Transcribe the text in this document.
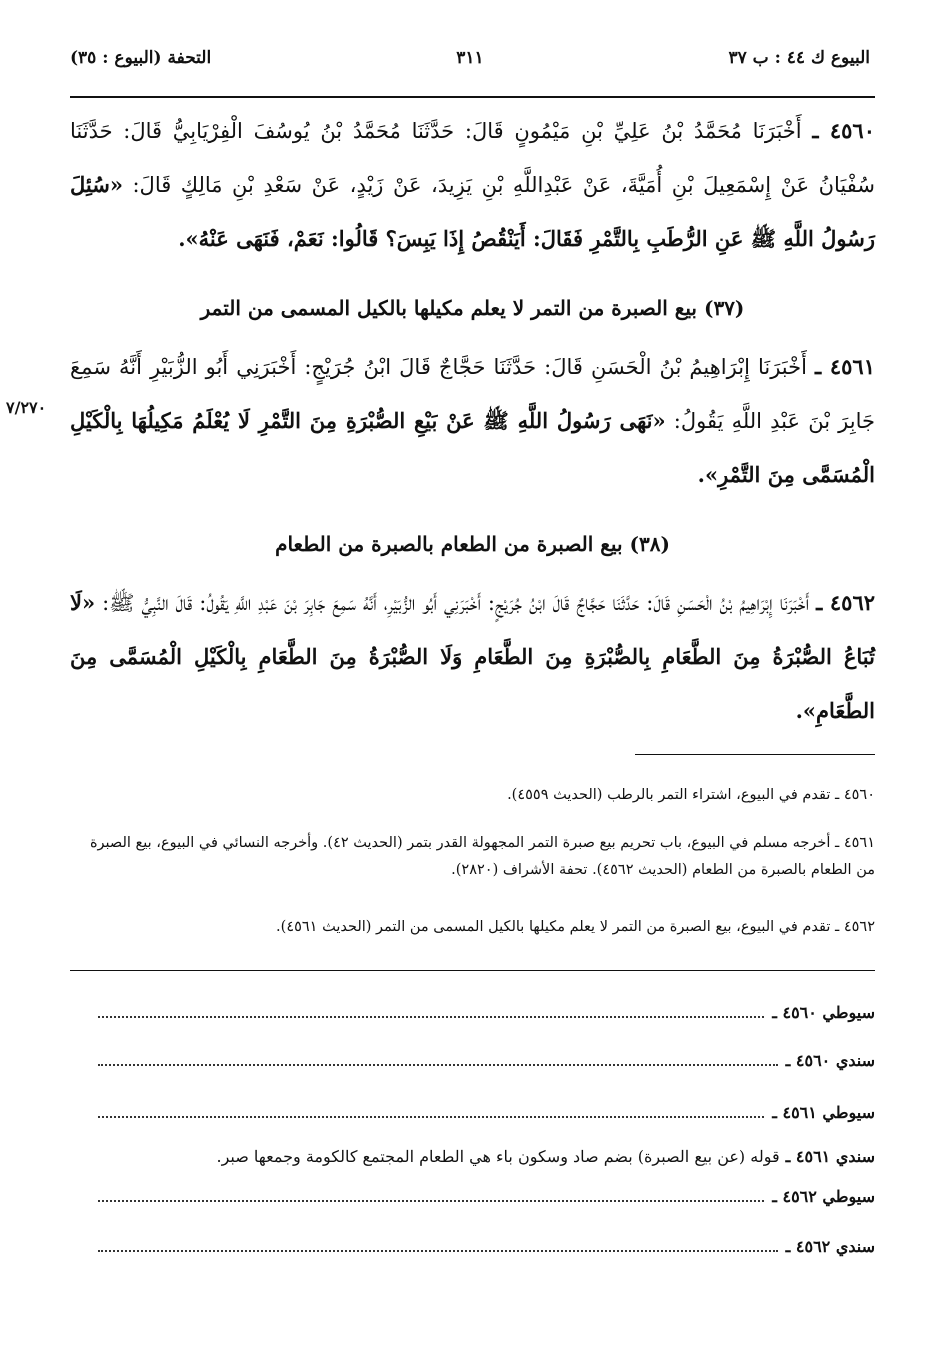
البيوع ك ٤٤ : ب ٣٧
٣١١
التحفة (البيوع : ٣٥)
٤٥٦٠ ـ أَخْبَرَنَا مُحَمَّدُ بْنُ عَلِيِّ بْنِ مَيْمُونٍ قَالَ: حَدَّثَنَا مُحَمَّدُ بْنُ يُوسُفَ الْفِرْيَابِيُّ قَالَ: حَدَّثَنَا سُفْيَانُ عَنْ إِسْمَعِيلَ بْنِ أُمَيَّةَ، عَنْ عَبْدِاللَّهِ بْنِ يَزِيدَ، عَنْ زَيْدٍ، عَنْ سَعْدِ بْنِ مَالِكٍ قَالَ: «سُئِلَ رَسُولُ اللَّهِ ﷺ عَنِ الرُّطَبِ بِالتَّمْرِ فَقَالَ: أَيَنْقُصُ إِذَا يَبِسَ؟ قَالُوا: نَعَمْ، فَنَهَى عَنْهُ».
(٣٧) بيع الصبرة من التمر لا يعلم مكيلها بالكيل المسمى من التمر
٤٥٦١ ـ أَخْبَرَنَا إِبْرَاهِيمُ بْنُ الْحَسَنِ قَالَ: حَدَّثَنَا حَجَّاجٌ قَالَ ابْنُ جُرَيْجٍ: أَخْبَرَنِي أَبُو الزُّبَيْرِ أَنَّهُ سَمِعَ جَابِرَ بْنَ عَبْدِ اللَّهِ يَقُولُ: «نَهَى رَسُولُ اللَّهِ ﷺ عَنْ بَيْعِ الصُّبْرَةِ مِنَ التَّمْرِ لَا يُعْلَمُ مَكِيلُهَا بِالْكَيْلِ الْمُسَمَّى مِنَ التَّمْرِ».
٧/٢٧٠
(٣٨) بيع الصبرة من الطعام بالصبرة من الطعام
٤٥٦٢ ـ أَخْبَرَنَا إِبْرَاهِيمُ بْنُ الْحَسَنِ قَالَ: حَدَّثَنَا حَجَّاجٌ قَالَ ابْنُ جُرَيْجٍ: أَخْبَرَنِي أَبُو الزُّبَيْرِ، أَنَّهُ سَمِعَ جَابِرَ بْنَ عَبْدِ اللَّهِ يَقُولُ: قَالَ النَّبِيُّ ﷺ: «لَا تُبَاعُ الصُّبْرَةُ مِنَ الطَّعَامِ بِالصُّبْرَةِ مِنَ الطَّعَامِ وَلَا الصُّبْرَةُ مِنَ الطَّعَامِ بِالْكَيْلِ الْمُسَمَّى مِنَ الطَّعَامِ».
٤٥٦٠ ـ تقدم في البيوع، اشتراء التمر بالرطب (الحديث ٤٥٥٩).
٤٥٦١ ـ أخرجه مسلم في البيوع، باب تحريم بيع صبرة التمر المجهولة القدر بتمر (الحديث ٤٢). وأخرجه النسائي في البيوع، بيع الصبرة من الطعام بالصبرة من الطعام (الحديث ٤٥٦٢). تحفة الأشراف (٢٨٢٠).
٤٥٦٢ ـ تقدم في البيوع، بيع الصبرة من التمر لا يعلم مكيلها بالكيل المسمى من التمر (الحديث ٤٥٦١).
سيوطي ٤٥٦٠ ـ
سندي ٤٥٦٠ ـ
سيوطي ٤٥٦١ ـ
سندي ٤٥٦١ ـ
قوله (عن بيع الصبرة) بضم صاد وسكون باء هي الطعام المجتمع كالكومة وجمعها صبر.
سيوطي ٤٥٦٢ ـ
سندي ٤٥٦٢ ـ
